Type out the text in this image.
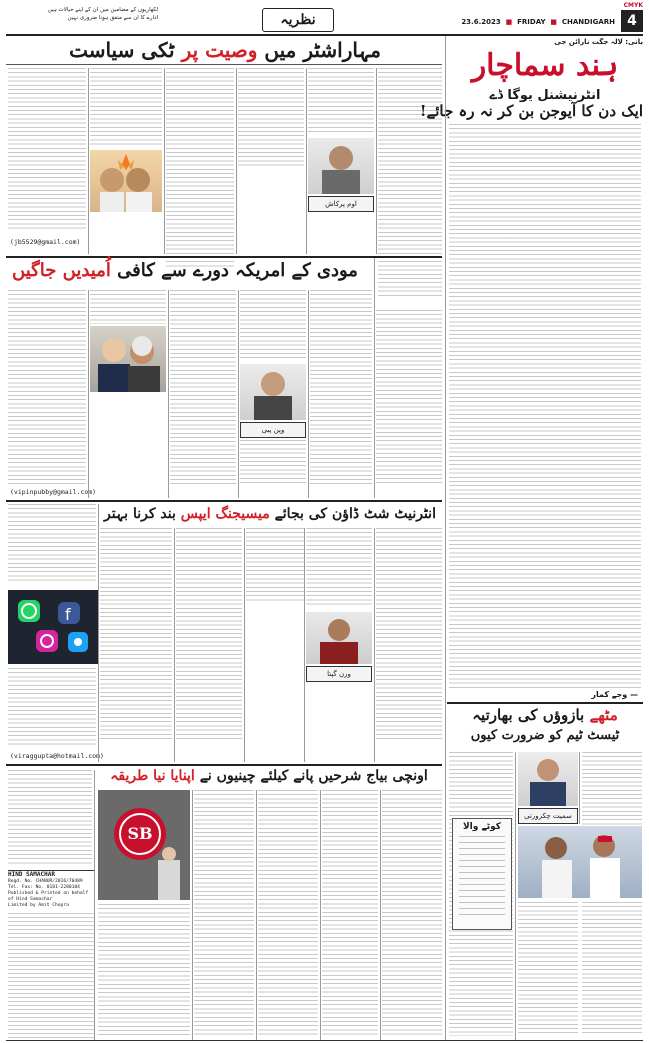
CMYK
4
23.6.2023 ■ FRIDAY ■ CHANDIGARH
نظریہ
لکھاریوں کے مضامین میں ان کے اپنے خیالات ہیں
ادارے کا ان سے متفق ہونا ضروری نہیں
بانی: لالہ جگت نارائن جی
ہند سماچار
انٹرنیشنل یوگا ڈے
ایک دن کا آیوجن بن کر نہ رہ جائے!
— وجے کمار
مہاراشٹر میں وصیت پر ٹکی سیاست
اوم پرکاش
(jb5529@gmail.com)
مودی کے امریکہ دورے سے کافی اُمیدیں جاگیں
وپن پبی
(vipinpubby@gmail.com)
انٹرنیٹ شٹ ڈاؤن کی بجائے میسیجنگ ایپس بند کرنا بہتر
f
ورن گپتا
(viraggupta@hotmail.com)
اونچی بیاج شرحیں پانے کیلئے چینیوں نے اپنایا نیا طریقہ
HIND SAMACHAR
Regd. No. CHANUR/2016/70489
Tel. Fax: No. 0181-2280104
Published & Printed on behalf of Hind Samachar
Limited by Amit Chopra
SB
مٹھے بازوؤں کی بھارتیہ
ٹیسٹ ٹیم کو ضرورت کیوں
سمیت چکرورتی
کوٹے والا
